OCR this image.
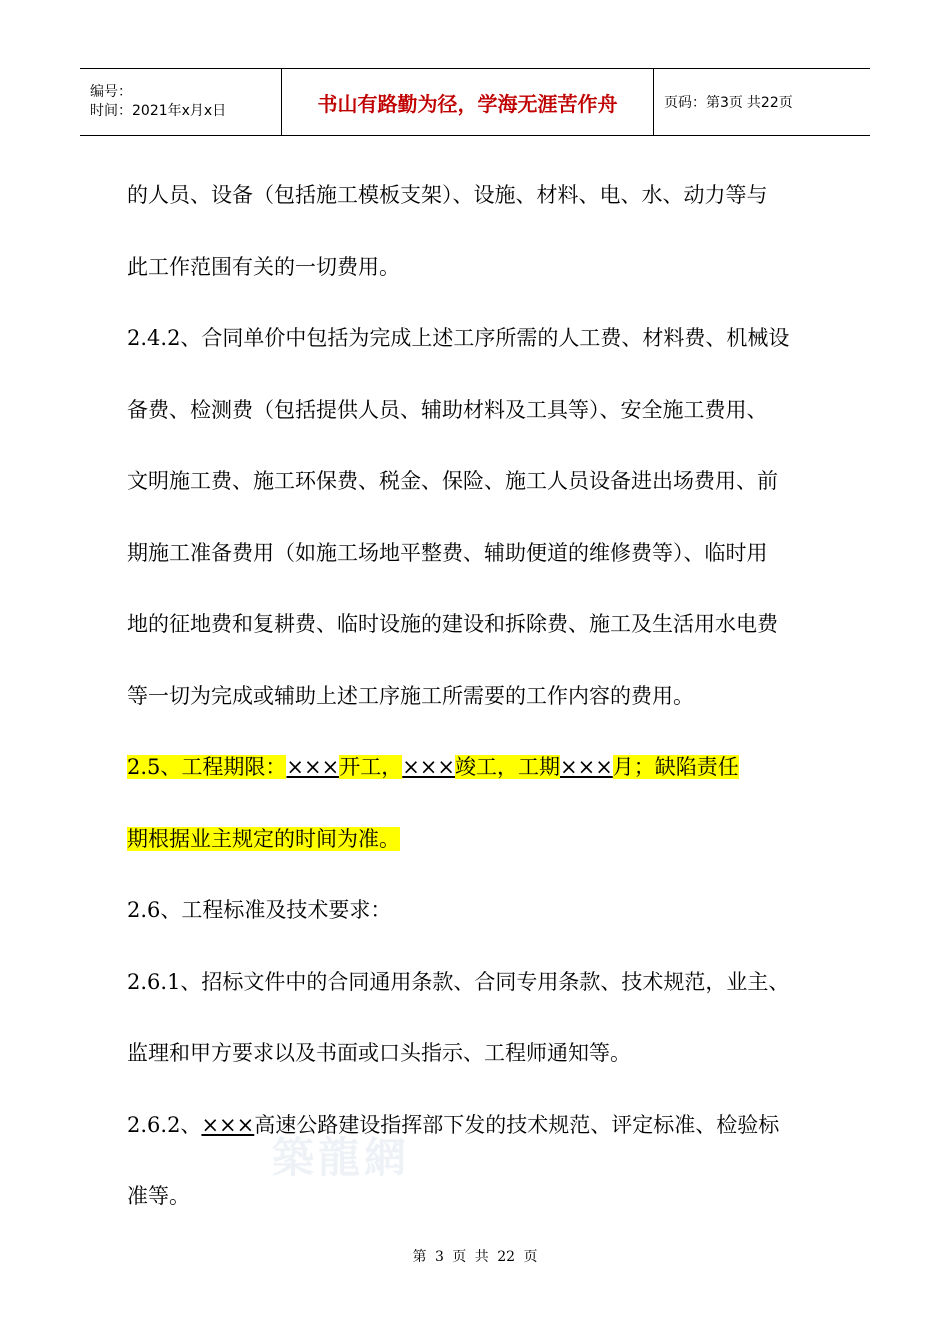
编号：
时间：2021年x月x日	书山有路勤为径，学海无涯苦作舟	页码：第3页 共22页
的人员、设备（包括施工模板支架）、设施、材料、电、水、动力等与
此工作范围有关的一切费用。
2.4.2、合同单价中包括为完成上述工序所需的人工费、材料费、机械设
备费、检测费（包括提供人员、辅助材料及工具等）、安全施工费用、
文明施工费、施工环保费、税金、保险、施工人员设备进出场费用、前
期施工准备费用（如施工场地平整费、辅助便道的维修费等）、临时用
地的征地费和复耕费、临时设施的建设和拆除费、施工及生活用水电费
等一切为完成或辅助上述工序施工所需要的工作内容的费用。
2.5、工程期限：×××开工，×××竣工，工期×××月；缺陷责任
期根据业主规定的时间为准。
2.6、工程标准及技术要求：
2.6.1、招标文件中的合同通用条款、合同专用条款、技术规范，业主、
监理和甲方要求以及书面或口头指示、工程师通知等。
2.6.2、×××高速公路建设指挥部下发的技术规范、评定标准、检验标
准等。
築龍網
第 3 页 共 22 页
